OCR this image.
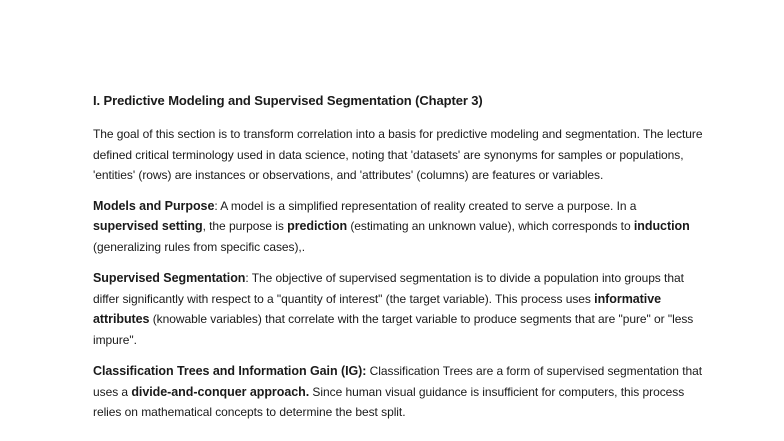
I. Predictive Modeling and Supervised Segmentation (Chapter 3)

The goal of this section is to transform correlation into a basis for predictive modeling and segmentation. The lecture defined critical terminology used in data science, noting that 'datasets' are synonyms for samples or populations, 'entities' (rows) are instances or observations, and 'attributes' (columns) are features or variables.

Models and Purpose: A model is a simplified representation of reality created to serve a purpose. In a supervised setting, the purpose is prediction (estimating an unknown value), which corresponds to induction (generalizing rules from specific cases),.

Supervised Segmentation: The objective of supervised segmentation is to divide a population into groups that differ significantly with respect to a "quantity of interest" (the target variable). This process uses informative attributes (knowable variables) that correlate with the target variable to produce segments that are "pure" or "less impure".

Classification Trees and Information Gain (IG): Classification Trees are a form of supervised segmentation that uses a divide-and-conquer approach. Since human visual guidance is insufficient for computers, this process relies on mathematical concepts to determine the best split.
